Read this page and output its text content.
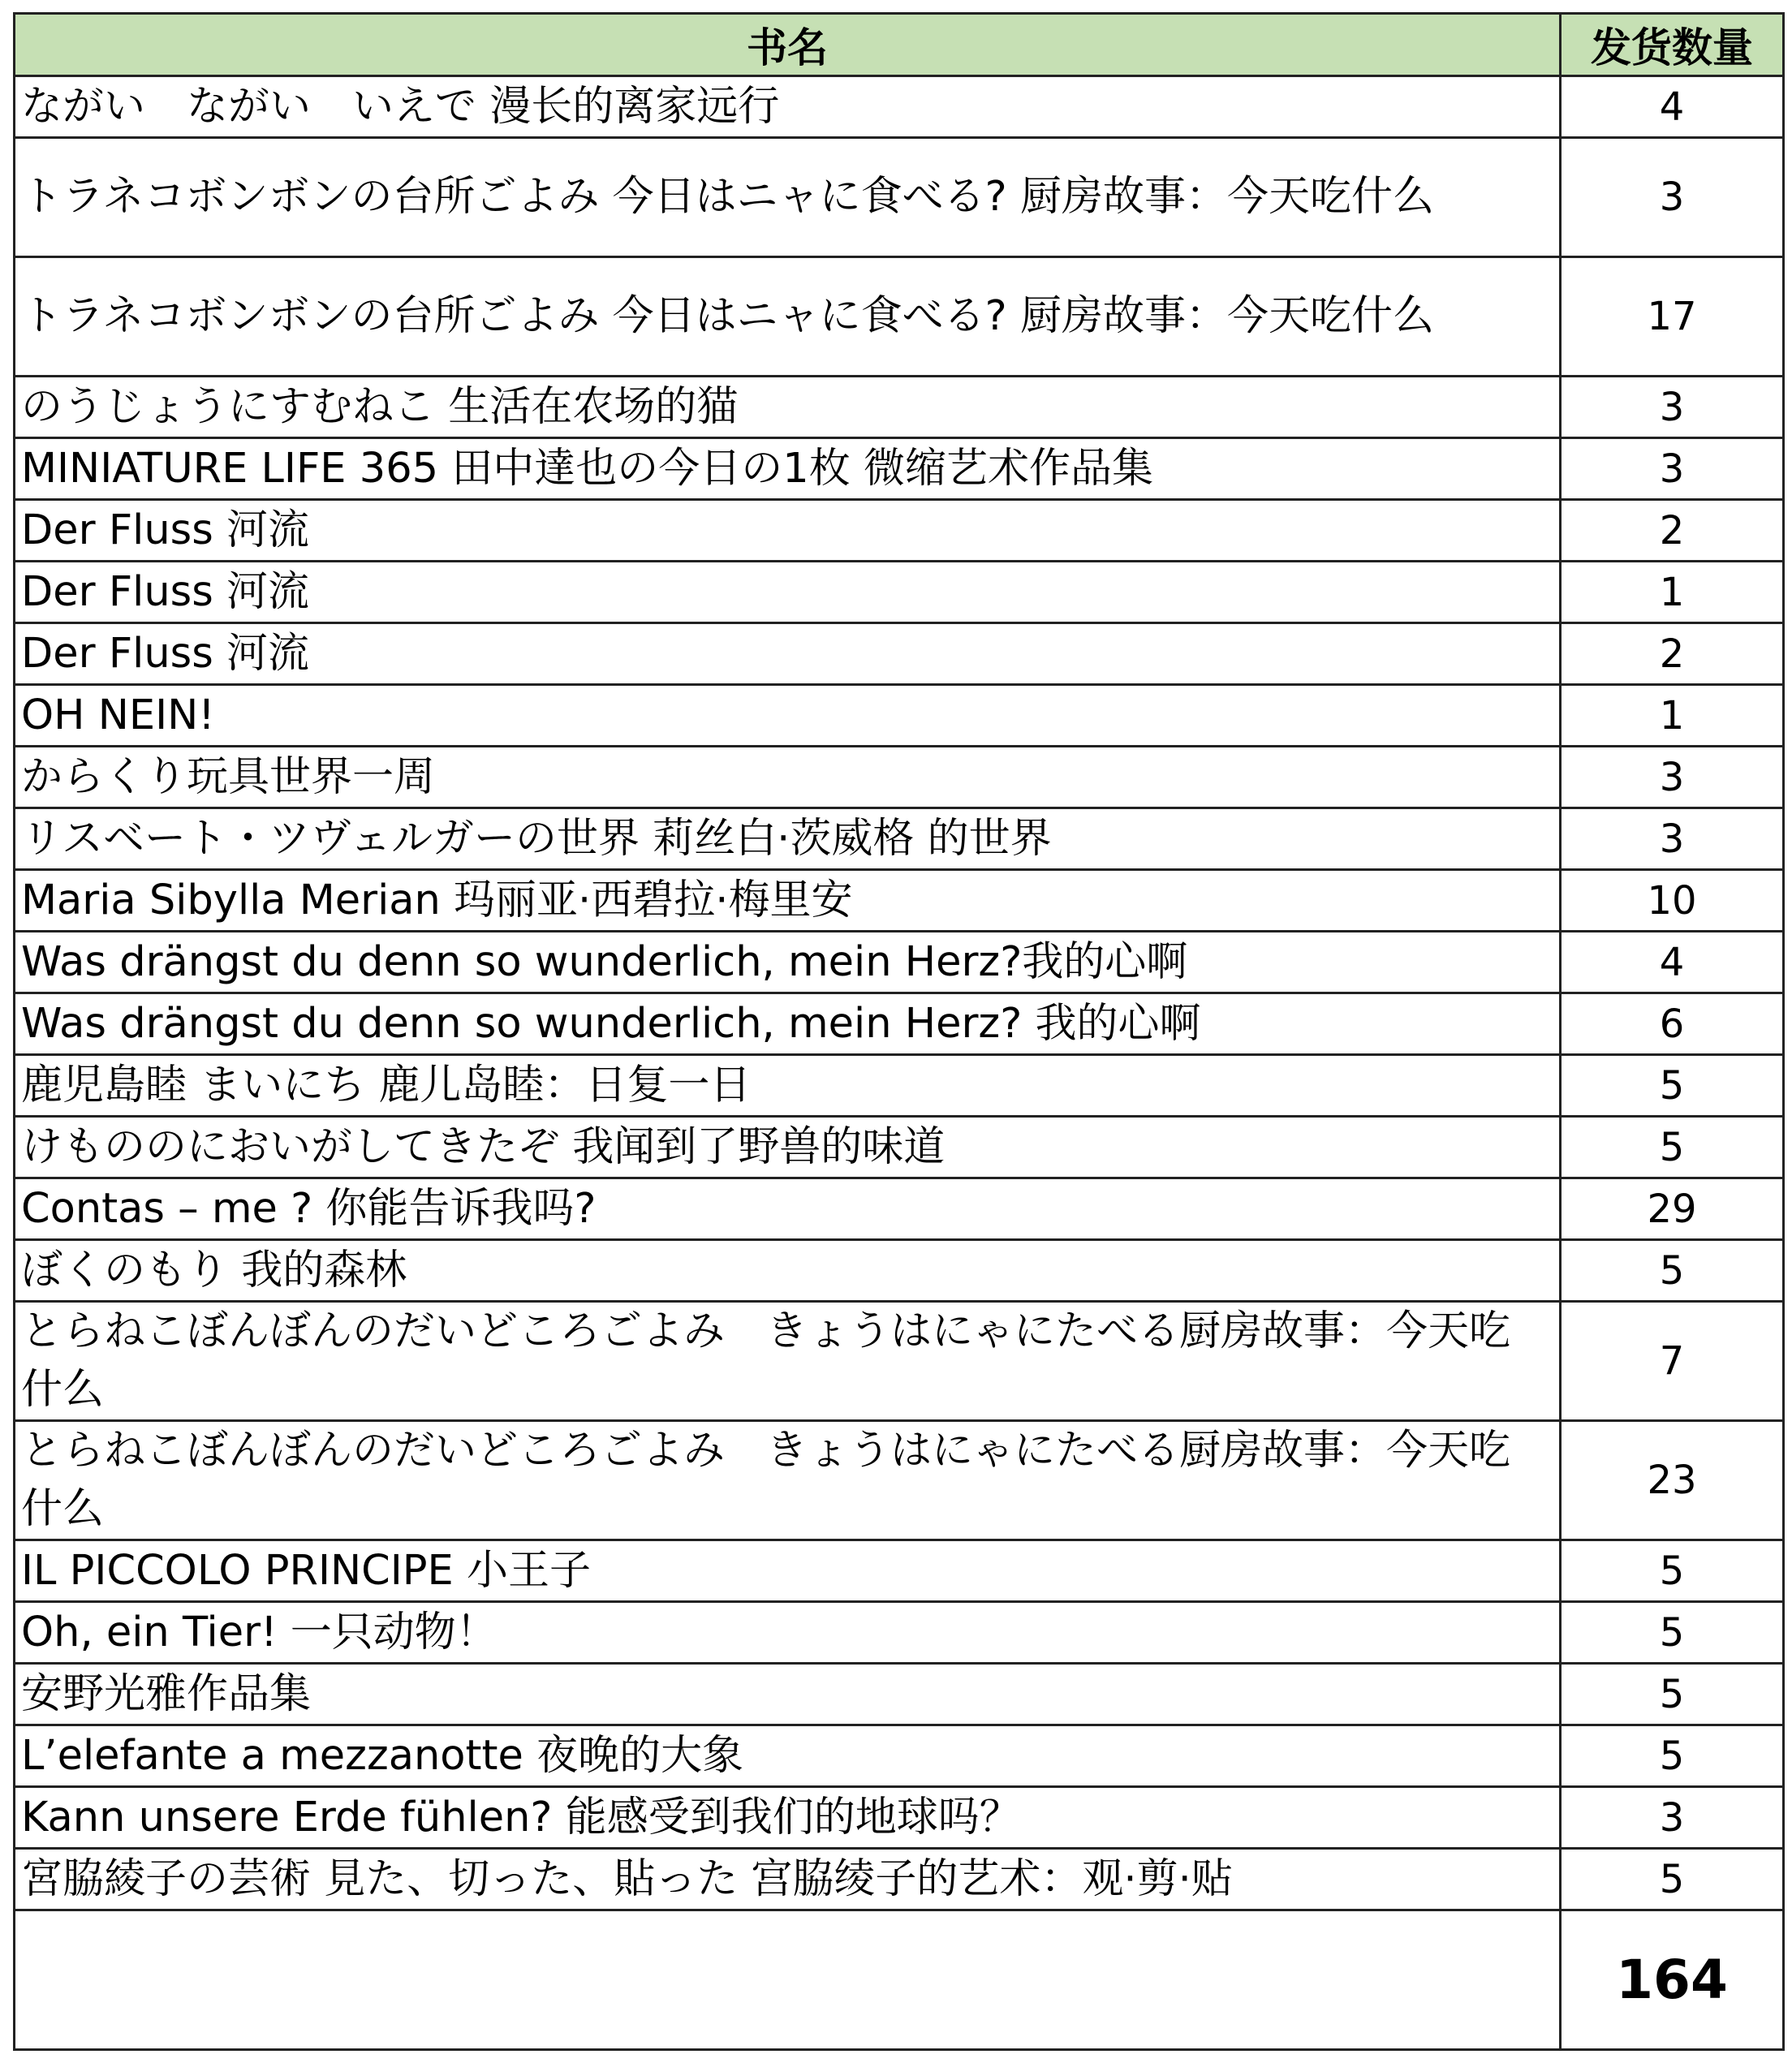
书名	发货数量
ながい　ながい　いえで 漫长的离家远行	4
トラネコボンボンの台所ごよみ 今日はニャに食べる? 厨房故事：今天吃什么	3
トラネコボンボンの台所ごよみ 今日はニャに食べる? 厨房故事：今天吃什么	17
のうじょうにすむねこ 生活在农场的猫	3
MINIATURE LIFE 365 田中達也の今日の1枚 微缩艺术作品集	3
Der Fluss 河流	2
Der Fluss 河流	1
Der Fluss 河流	2
OH NEIN!	1
からくり玩具世界一周	3
リスベート・ツヴェルガーの世界 莉丝白·茨威格 的世界	3
Maria Sibylla Merian 玛丽亚·西碧拉·梅里安	10
Was drängst du denn so wunderlich, mein Herz?我的心啊	4
Was drängst du denn so wunderlich, mein Herz? 我的心啊	6
鹿児島睦 まいにち 鹿儿岛睦：日复一日	5
けもののにおいがしてきたぞ 我闻到了野兽的味道	5
Contas – me ? 你能告诉我吗?	29
ぼくのもり 我的森林	5
とらねこぼんぼんのだいどころごよみ　きょうはにゃにたべる厨房故事：今天吃什么	7
とらねこぼんぼんのだいどころごよみ　きょうはにゃにたべる厨房故事：今天吃什么	23
IL PICCOLO PRINCIPE 小王子	5
Oh, ein Tier! 一只动物！	5
安野光雅作品集	5
L’elefante a mezzanotte 夜晚的大象	5
Kann unsere Erde fühlen? 能感受到我们的地球吗？	3
宮脇綾子の芸術 見た、切った、貼った 宫脇绫子的艺术：观·剪·贴	5
	164
